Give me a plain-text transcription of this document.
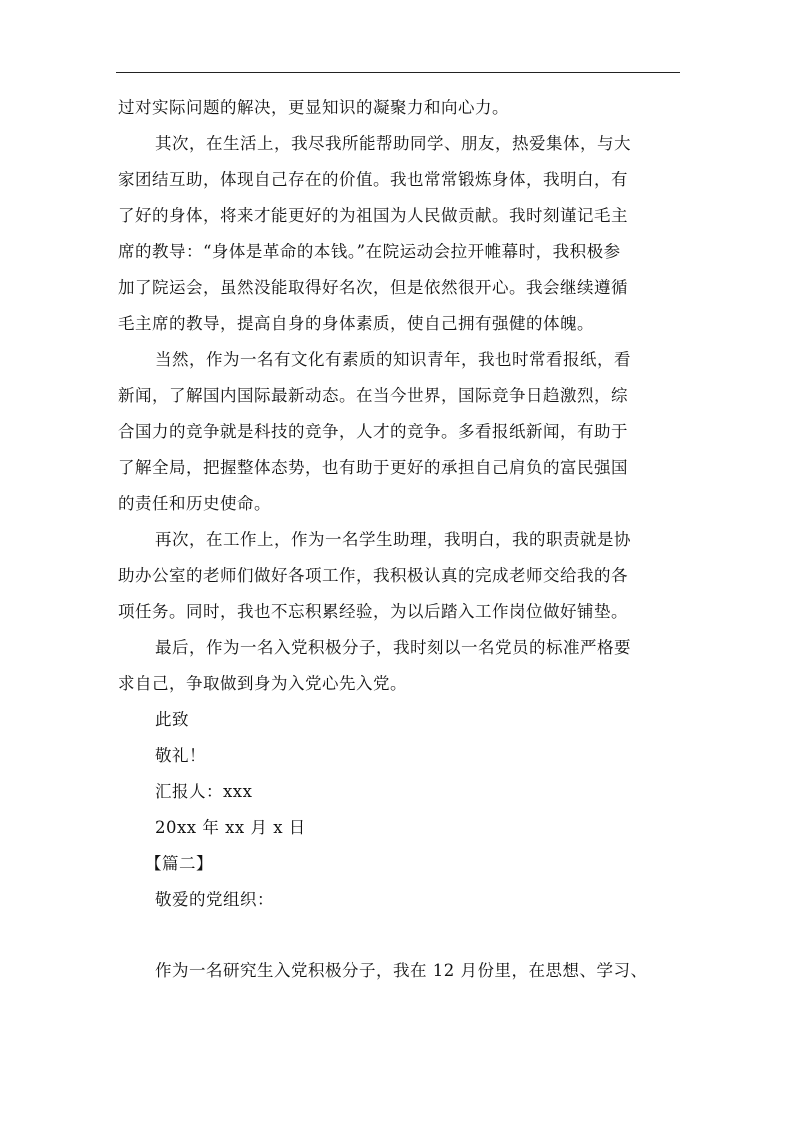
过对实际问题的解决，更显知识的凝聚力和向心力。
其次，在生活上，我尽我所能帮助同学、朋友，热爱集体，与大
家团结互助，体现自己存在的价值。我也常常锻炼身体，我明白，有
了好的身体，将来才能更好的为祖国为人民做贡献。我时刻谨记毛主
席的教导：“身体是革命的本钱。”在院运动会拉开帷幕时，我积极参
加了院运会，虽然没能取得好名次，但是依然很开心。我会继续遵循
毛主席的教导，提高自身的身体素质，使自己拥有强健的体魄。
当然，作为一名有文化有素质的知识青年，我也时常看报纸，看
新闻，了解国内国际最新动态。在当今世界，国际竞争日趋激烈，综
合国力的竞争就是科技的竞争，人才的竞争。多看报纸新闻，有助于
了解全局，把握整体态势，也有助于更好的承担自己肩负的富民强国
的责任和历史使命。
再次，在工作上，作为一名学生助理，我明白，我的职责就是协
助办公室的老师们做好各项工作，我积极认真的完成老师交给我的各
项任务。同时，我也不忘积累经验，为以后踏入工作岗位做好铺垫。
最后，作为一名入党积极分子，我时刻以一名党员的标准严格要
求自己，争取做到身为入党心先入党。
此致
敬礼！
汇报人：xxx
20xx 年 xx 月 x 日
【篇二】
敬爱的党组织：
作为一名研究生入党积极分子，我在 12 月份里，在思想、学习、
